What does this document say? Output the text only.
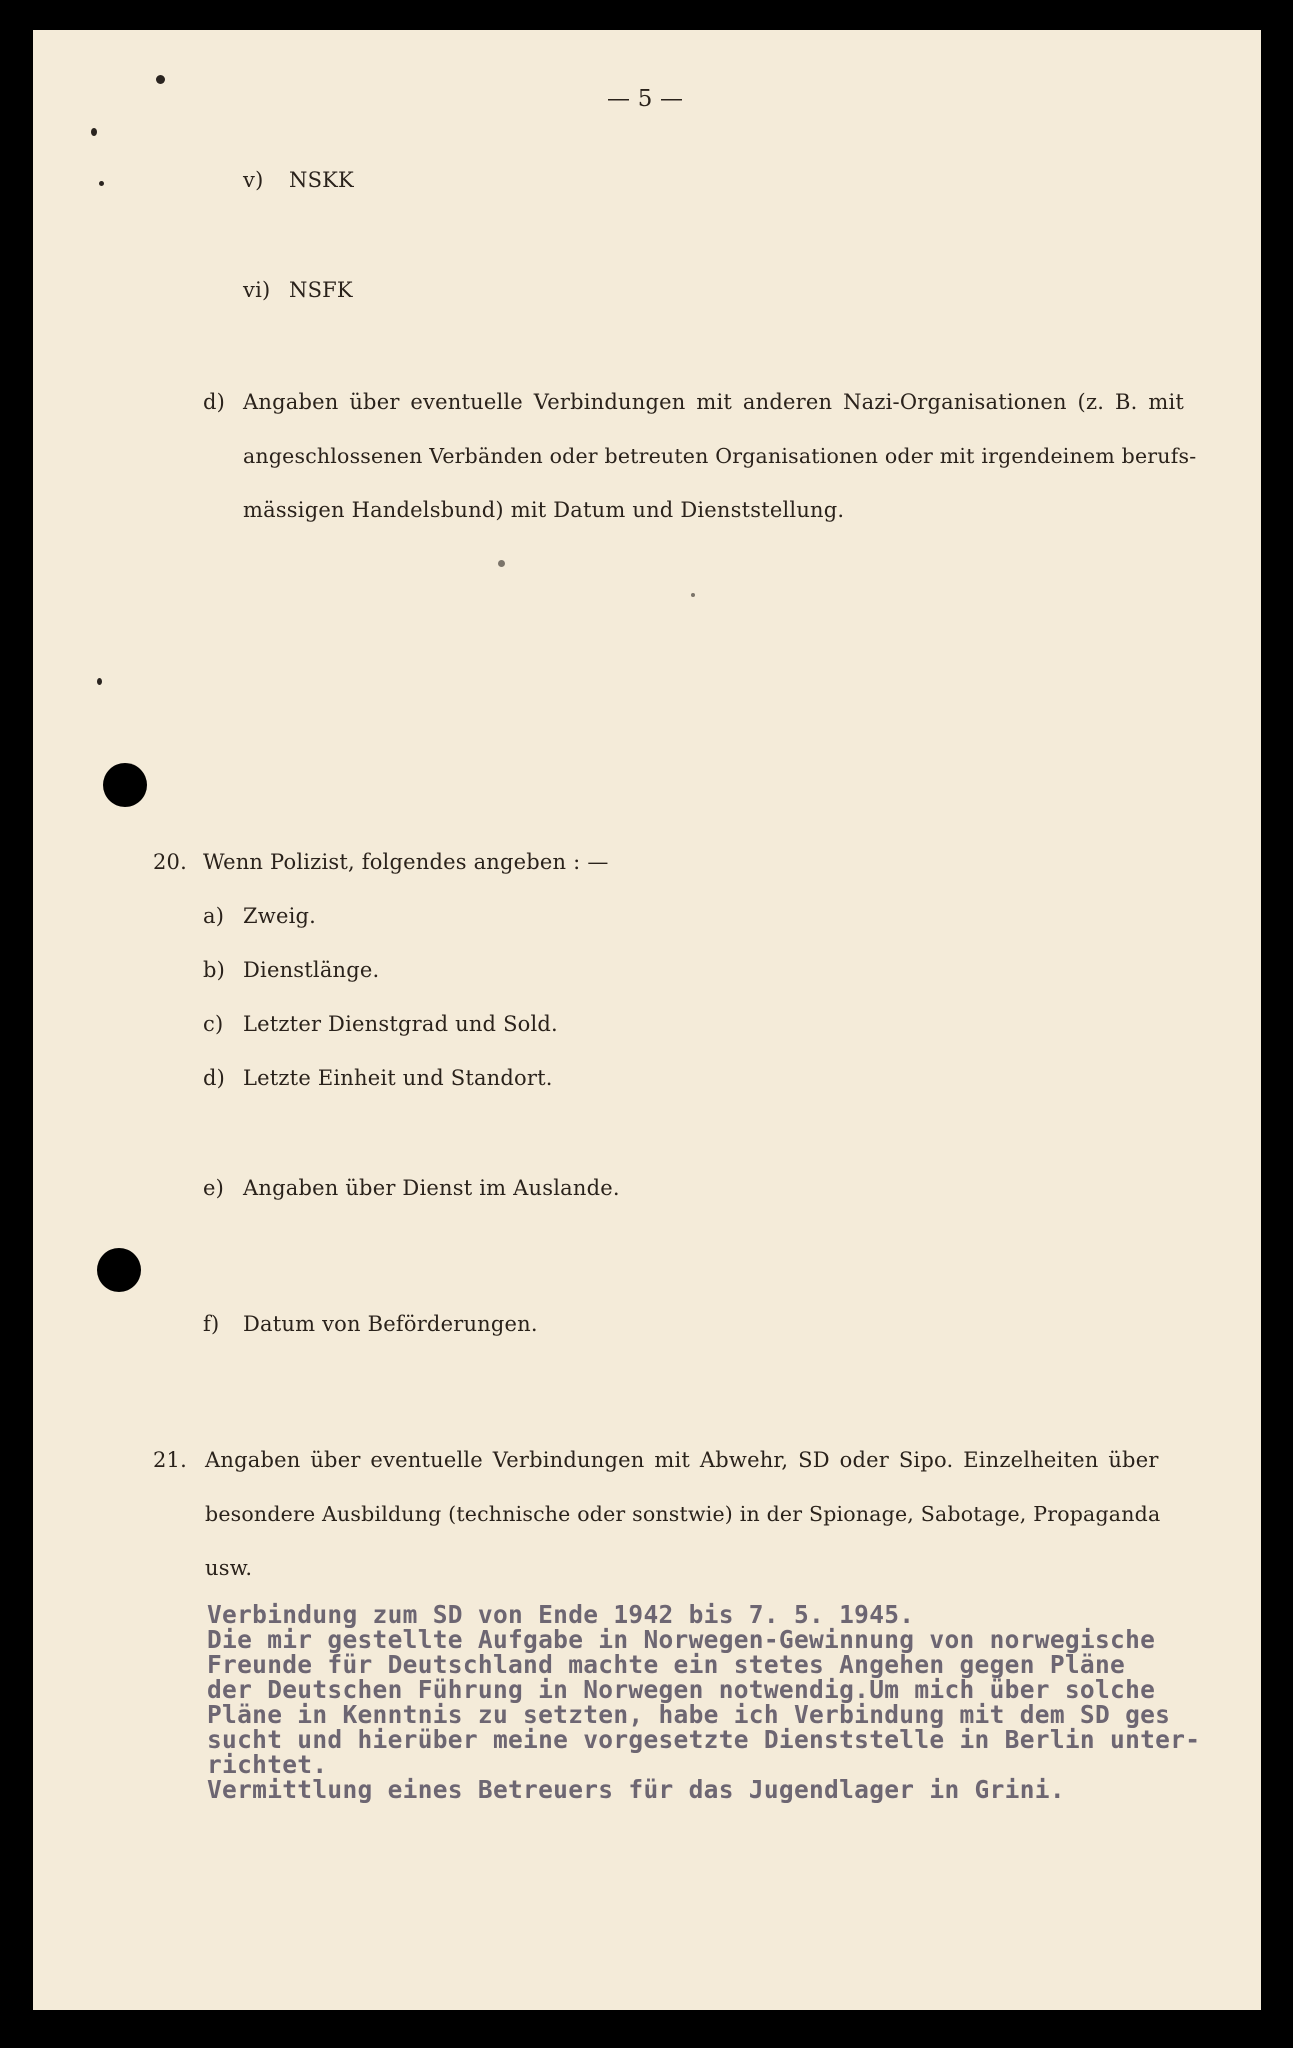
— 5 —
v) NSKK
vi) NSFK
d) Angaben über eventuelle Verbindungen mit anderen Nazi-Organisationen (z. B. mit
angeschlossenen Verbänden oder betreuten Organisationen oder mit irgendeinem berufs-
mässigen Handelsbund) mit Datum und Dienststellung.
20. Wenn Polizist, folgendes angeben : —
a) Zweig.
b) Dienstlänge.
c) Letzter Dienstgrad und Sold.
d) Letzte Einheit und Standort.
e) Angaben über Dienst im Auslande.
f) Datum von Beförderungen.
21. Angaben über eventuelle Verbindungen mit Abwehr, SD oder Sipo. Einzelheiten über
besondere Ausbildung (technische oder sonstwie) in der Spionage, Sabotage, Propaganda
usw.
Verbindung zum SD von Ende 1942 bis 7. 5. 1945.
Die mir gestellte Aufgabe in Norwegen-Gewinnung von norwegische
Freunde für Deutschland machte ein stetes Angehen gegen Pläne
der Deutschen Führung in Norwegen notwendig.Um mich über solche
Pläne in Kenntnis zu setzten, habe ich Verbindung mit dem SD ges
sucht und hierüber meine vorgesetzte Dienststelle in Berlin unter-
richtet.
Vermittlung eines Betreuers für das Jugendlager in Grini.
